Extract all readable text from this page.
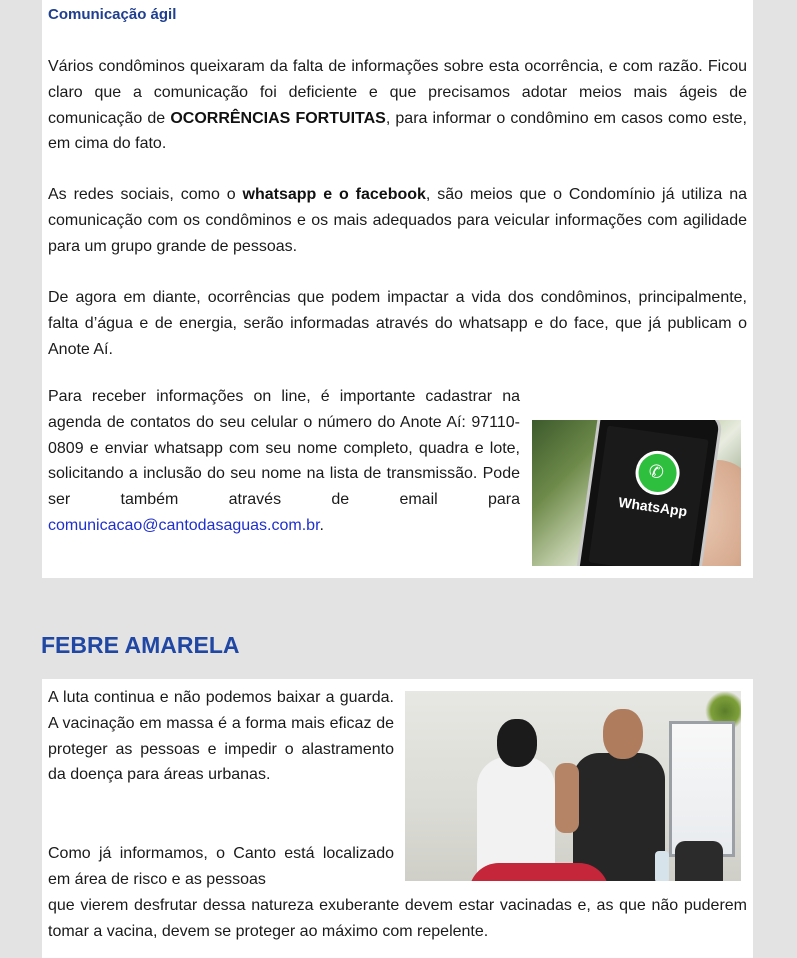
Comunicação ágil

Vários condôminos queixaram da falta de informações sobre esta ocorrência, e com razão. Ficou claro que a comunicação foi deficiente e que precisamos adotar meios mais ágeis de comunicação de OCORRÊNCIAS FORTUITAS, para informar o condômino em casos como este, em cima do fato.

As redes sociais, como o whatsapp e o facebook, são meios que o Condomínio já utiliza na comunicação com os condôminos e os mais adequados para veicular informações com agilidade para um grupo grande de pessoas.

De agora em diante, ocorrências que podem impactar a vida dos condôminos, principalmente, falta d’água e de energia, serão informadas através do whatsapp e do face, que já publicam o Anote Aí.

Para receber informações on line, é importante cadastrar na agenda de contatos do seu celular o número do Anote Aí: 97110-0809 e enviar whatsapp com seu nome completo, quadra e lote, solicitando a inclusão do seu nome na lista de transmissão. Pode ser também através de email para comunicacao@cantodasaguas.com.br.

✆
WhatsApp
FEBRE AMARELA

A luta continua e não podemos baixar a guarda. A vacinação em massa é a forma mais eficaz de proteger as pessoas e impedir o alastramento da doença para áreas urbanas.

Como já informamos, o Canto está localizado em área de risco e as pessoas

que vierem desfrutar dessa natureza exuberante devem estar vacinadas e, as que não puderem tomar a vacina, devem se proteger ao máximo com repelente.
